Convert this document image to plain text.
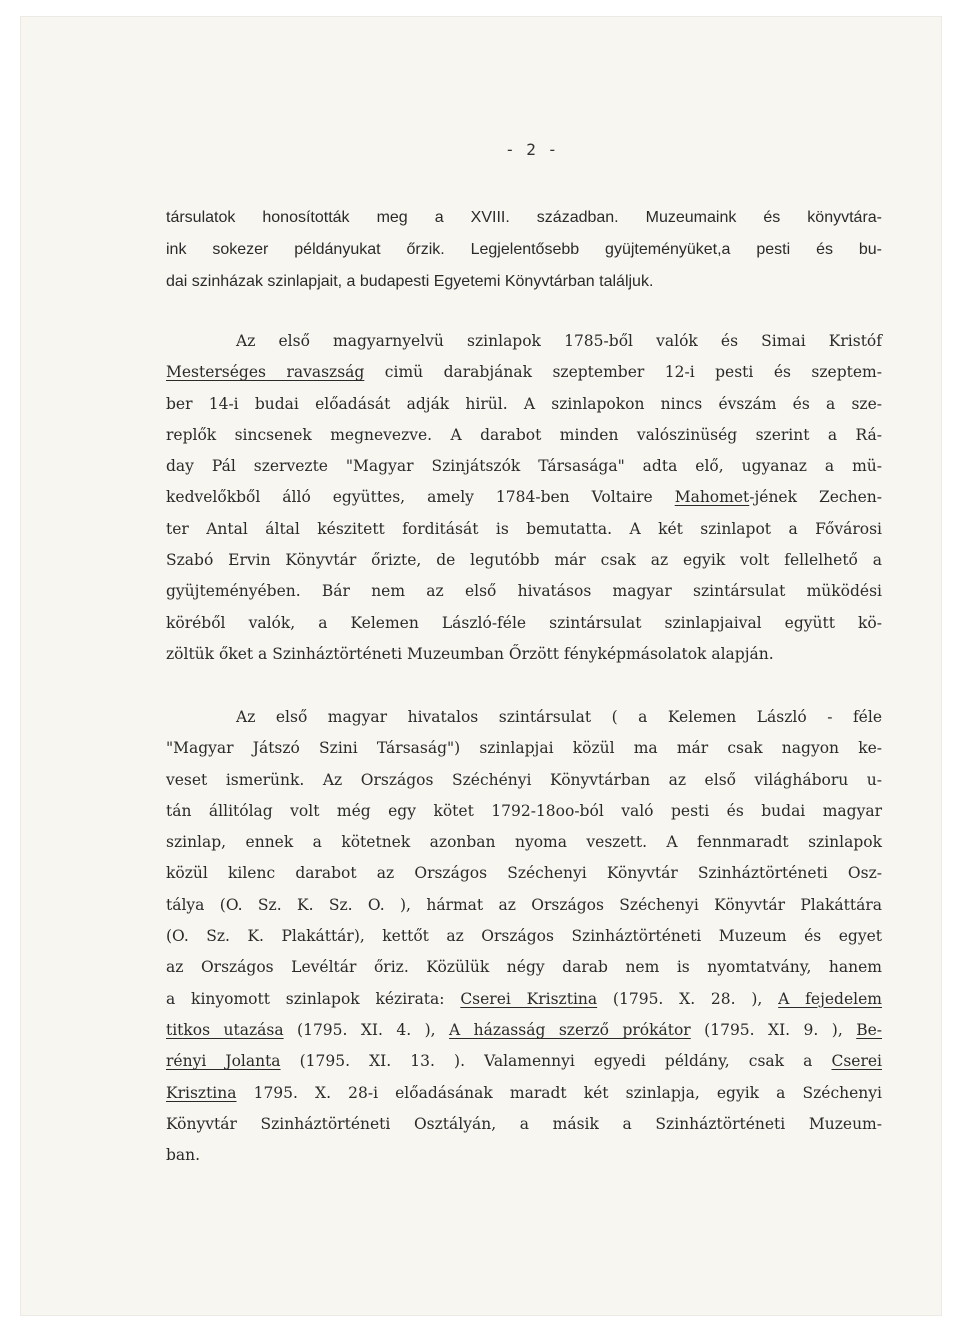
- 2 -

társulatok honosították meg a XVIII. században. Muzeumaink és könyvtára-
ink sokezer példányukat őrzik. Legjelentősebb gyüjteményüket,a pesti és bu-
dai szinházak szinlapjait, a budapesti Egyetemi Könyvtárban találjuk.

Az első magyarnyelvü szinlapok 1785-ből valók és Simai Kristóf
Mesterséges ravaszság cimü darabjának szeptember 12-i pesti és szeptem-
ber 14-i budai előadását adják hirül. A szinlapokon nincs évszám és a sze-
replők sincsenek megnevezve. A darabot minden valószinüség szerint a Rá-
day Pál szervezte "Magyar Szinjátszók Társasága" adta elő, ugyanaz a mü-
kedvelőkből álló együttes, amely 1784-ben Voltaire Mahomet-jének Zechen-
ter Antal által készitett forditását is bemutatta. A két szinlapot a Fővárosi
Szabó Ervin Könyvtár őrizte, de legutóbb már csak az egyik volt fellelhető a
gyüjteményében. Bár nem az első hivatásos magyar szintársulat müködési
köréből valók, a Kelemen László-féle szintársulat szinlapjaival együtt kö-
zöltük őket a Szinháztörténeti Muzeumban Őrzött fényképmásolatok alapján.

Az első magyar hivatalos szintársulat ( a Kelemen László - féle
"Magyar Játszó Szini Társaság") szinlapjai közül ma már csak nagyon ke-
veset ismerünk. Az Országos Széchényi Könyvtárban az első világháboru u-
tán állitólag volt még egy kötet 1792-18oo-ból való pesti és budai magyar
szinlap, ennek a kötetnek azonban nyoma veszett. A fennmaradt szinlapok
közül kilenc darabot az Országos Széchenyi Könyvtár Szinháztörténeti Osz-
tálya (O. Sz. K. Sz. O. ), hármat az Országos Széchenyi Könyvtár Plakáttára
(O. Sz. K. Plakáttár), kettőt az Országos Szinháztörténeti Muzeum és egyet
az Országos Levéltár őriz. Közülük négy darab nem is nyomtatvány, hanem
a kinyomott szinlapok kézirata: Cserei Krisztina (1795. X. 28. ), A fejedelem
titkos utazása (1795. XI. 4. ), A házasság szerző prókátor (1795. XI. 9. ), Be-
rényi Jolanta (1795. XI. 13. ). Valamennyi egyedi példány, csak a Cserei
Krisztina 1795. X. 28-i előadásának maradt két szinlapja, egyik a Széchenyi
Könyvtár Szinháztörténeti Osztályán, a másik a Szinháztörténeti Muzeum-
ban.
